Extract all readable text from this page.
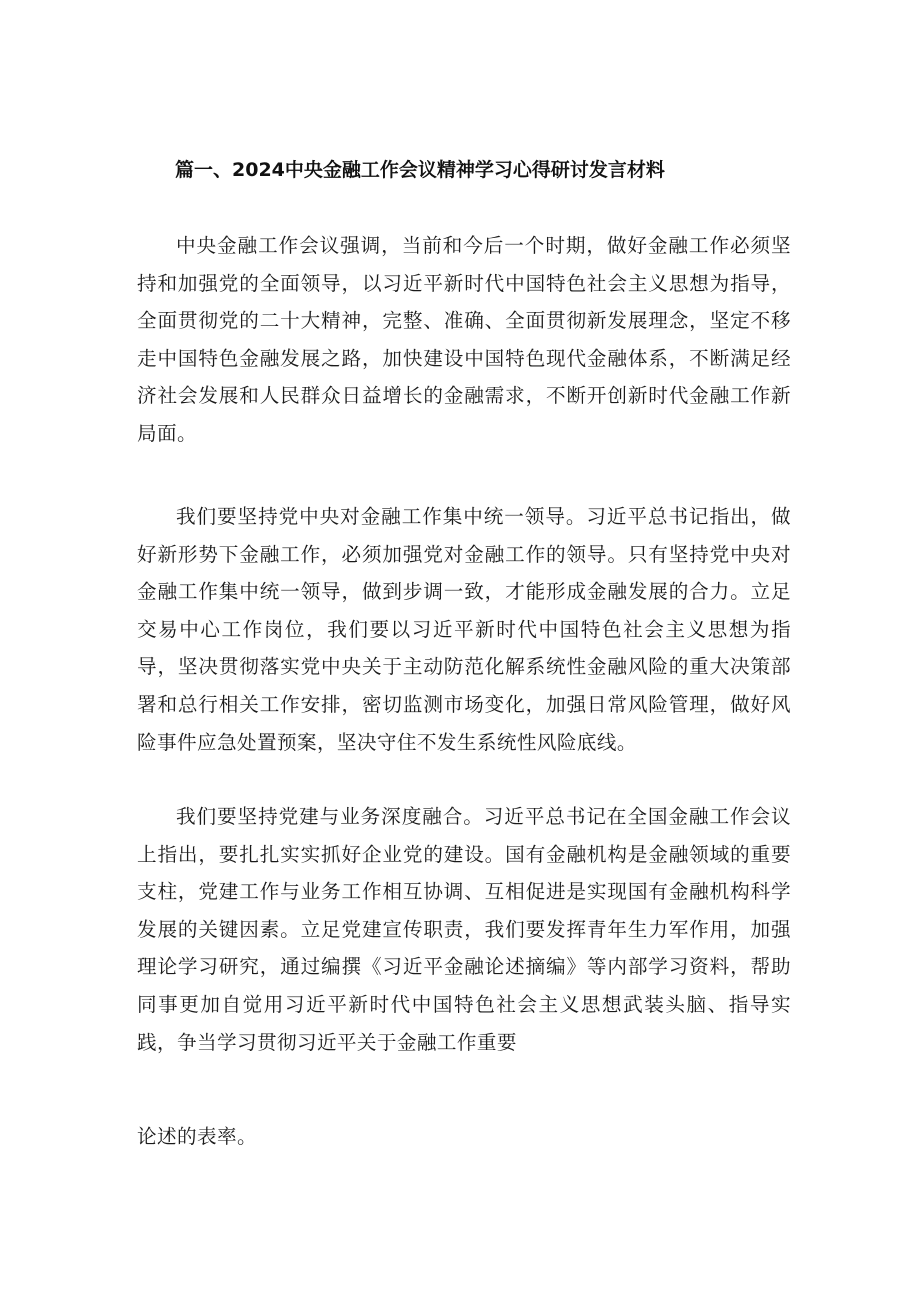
篇一、2024中央金融工作会议精神学习心得研讨发言材料

中央金融工作会议强调，当前和今后一个时期，做好金融工作必须坚持和加强党的全面领导，以习近平新时代中国特色社会主义思想为指导，全面贯彻党的二十大精神，完整、准确、全面贯彻新发展理念，坚定不移走中国特色金融发展之路，加快建设中国特色现代金融体系，不断满足经济社会发展和人民群众日益增长的金融需求，不断开创新时代金融工作新局面。

我们要坚持党中央对金融工作集中统一领导。习近平总书记指出，做好新形势下金融工作，必须加强党对金融工作的领导。只有坚持党中央对金融工作集中统一领导，做到步调一致，才能形成金融发展的合力。立足交易中心工作岗位，我们要以习近平新时代中国特色社会主义思想为指导，坚决贯彻落实党中央关于主动防范化解系统性金融风险的重大决策部署和总行相关工作安排，密切监测市场变化，加强日常风险管理，做好风险事件应急处置预案，坚决守住不发生系统性风险底线。

我们要坚持党建与业务深度融合。习近平总书记在全国金融工作会议上指出，要扎扎实实抓好企业党的建设。国有金融机构是金融领域的重要支柱，党建工作与业务工作相互协调、互相促进是实现国有金融机构科学发展的关键因素。立足党建宣传职责，我们要发挥青年生力军作用，加强理论学习研究，通过编撰《习近平金融论述摘编》等内部学习资料，帮助同事更加自觉用习近平新时代中国特色社会主义思想武装头脑、指导实践，争当学习贯彻习近平关于金融工作重要

论述的表率。
